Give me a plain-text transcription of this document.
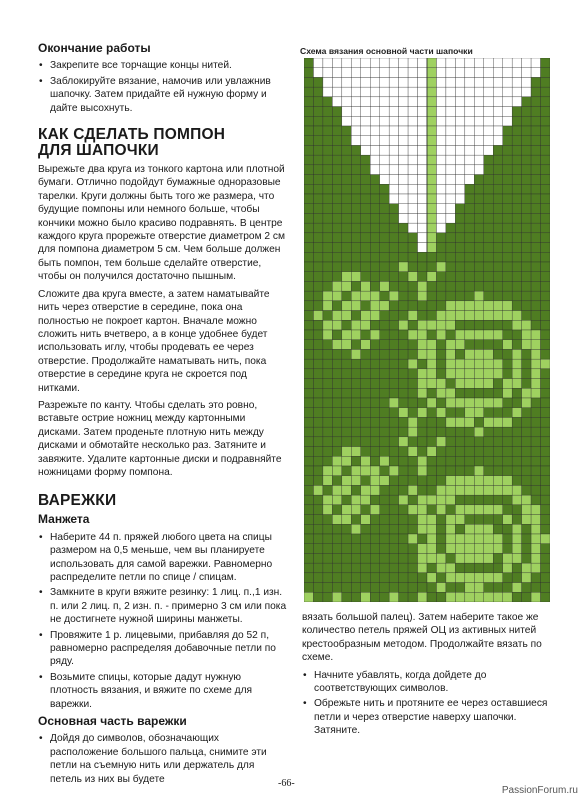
Окончание работы
• Закрепите все торчащие концы нитей.
• Заблокируйте вязание, намочив или увлажнив шапочку. Затем придайте ей нужную форму и дайте высохнуть.
КАК СДЕЛАТЬ ПОМПОН
ДЛЯ ШАПОЧКИ

Вырежьте два круга из тонкого картона или плотной бумаги. Отлично подойдут бумажные одноразовые тарелки. Круги должны быть того же размера, что будущие помпоны или немного больше, чтобы кончики можно было красиво подравнять. В центре каждого круга прорежьте отверстие диаметром 2 см для помпона диаметром 5 см. Чем больше должен быть помпон, тем больше сделайте отверстие, чтобы он получился достаточно пышным.

Сложите два круга вместе, а затем наматывайте нить через отверстие в середине, пока она полностью не покроет картон. Вначале можно сложить нить вчетверо, а в конце удобнее будет использовать иглу, чтобы продевать ее через отверстие. Продолжайте наматывать нить, пока отверстие в середине круга не скроется под нитками.

Разрежьте по канту. Чтобы сделать это ровно, вставьте острие ножниц между картонными дисками. Затем проденьте плотную нить между дисками и обмотайте несколько раз. Затяните и завяжите. Удалите картонные диски и подравняйте ножницами форму помпона.

ВАРЕЖКИ
Манжета
• Наберите 44 п. пряжей любого цвета на спицы размером на 0,5 меньше, чем вы планируете использовать для самой варежки. Равномерно распределите петли по спице / спицам.
• Замкните в круги вяжите резинку: 1 лиц. п.,1 изн. п. или 2 лиц. п, 2 изн. п. - примерно 3 см или пока не достигнете нужной ширины манжеты.
• Провяжите 1 р. лицевыми, прибавляя до 52 п, равномерно распределяя добавочные петли по ряду.
• Возьмите спицы, которые дадут нужную плотность вязания, и вяжите по схеме для варежки.
Основная часть варежки
• Дойдя до символов, обозначающих расположение большого пальца, снимите эти петли на съемную нить или держатель для петель из них вы будете
Схема вязания основной части шапочки

вязать большой палец). Затем наберите такое же количество петель пряжей ОЦ из активных нитей крестообразным методом. Продолжайте вязать по схеме.

• Начните убавлять, когда дойдете до соответствующих символов.
• Обрежьте нить и протяните ее через оставшиеся петли и через отверстие наверху шапочки. Затяните.
-66-
PassionForum.ru
